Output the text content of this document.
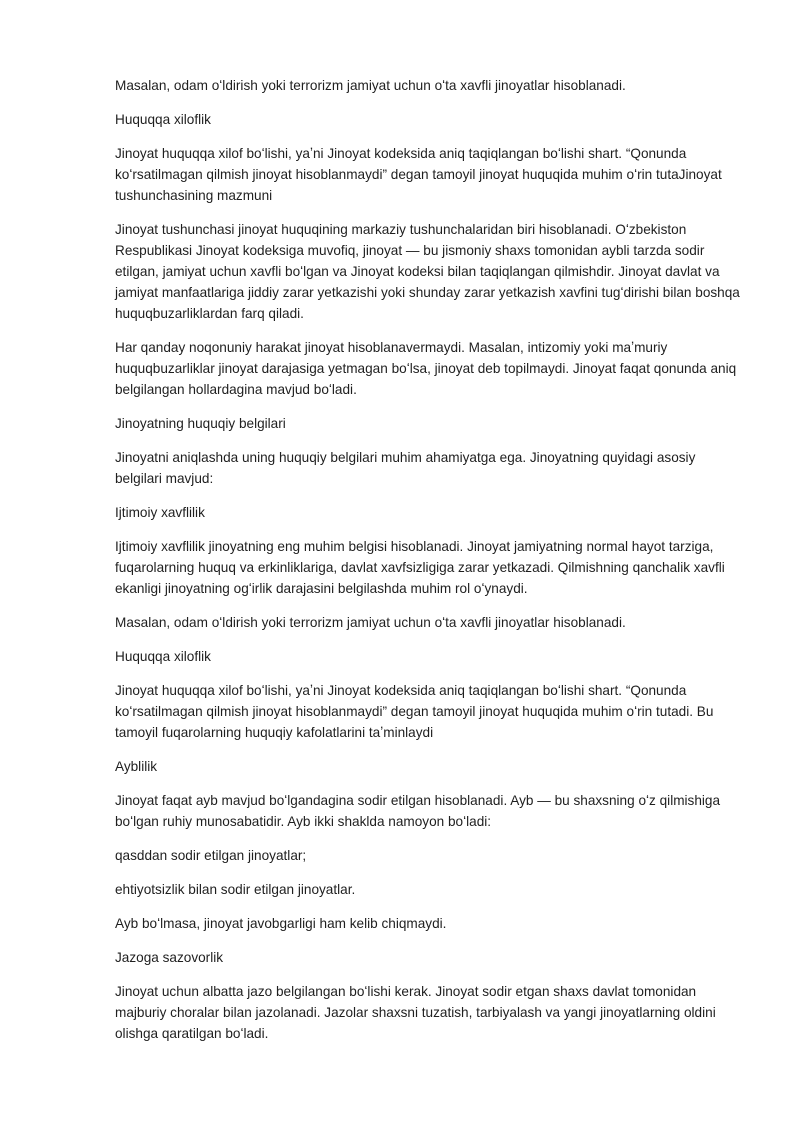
Masalan, odam oʻldirish yoki terrorizm jamiyat uchun oʻta xavfli jinoyatlar hisoblanadi.

Huquqqa xiloflik

Jinoyat huquqqa xilof boʻlishi, yaʼni Jinoyat kodeksida aniq taqiqlangan boʻlishi shart. “Qonunda koʻrsatilmagan qilmish jinoyat hisoblanmaydi” degan tamoyil jinoyat huquqida muhim oʻrin tutaJinoyat tushunchasining mazmuni

Jinoyat tushunchasi jinoyat huquqining markaziy tushunchalaridan biri hisoblanadi. Oʻzbekiston Respublikasi Jinoyat kodeksiga muvofiq, jinoyat — bu jismoniy shaxs tomonidan aybli tarzda sodir etilgan, jamiyat uchun xavfli boʻlgan va Jinoyat kodeksi bilan taqiqlangan qilmishdir. Jinoyat davlat va jamiyat manfaatlariga jiddiy zarar yetkazishi yoki shunday zarar yetkazish xavfini tugʻdirishi bilan boshqa huquqbuzarliklardan farq qiladi.

Har qanday noqonuniy harakat jinoyat hisoblanavermaydi. Masalan, intizomiy yoki maʼmuriy huquqbuzarliklar jinoyat darajasiga yetmagan boʻlsa, jinoyat deb topilmaydi. Jinoyat faqat qonunda aniq belgilangan hollardagina mavjud boʻladi.

Jinoyatning huquqiy belgilari

Jinoyatni aniqlashda uning huquqiy belgilari muhim ahamiyatga ega. Jinoyatning quyidagi asosiy belgilari mavjud:

Ijtimoiy xavflilik

Ijtimoiy xavflilik jinoyatning eng muhim belgisi hisoblanadi. Jinoyat jamiyatning normal hayot tarziga, fuqarolarning huquq va erkinliklariga, davlat xavfsizligiga zarar yetkazadi. Qilmishning qanchalik xavfli ekanligi jinoyatning ogʻirlik darajasini belgilashda muhim rol oʻynaydi.

Masalan, odam oʻldirish yoki terrorizm jamiyat uchun oʻta xavfli jinoyatlar hisoblanadi.

Huquqqa xiloflik

Jinoyat huquqqa xilof boʻlishi, yaʼni Jinoyat kodeksida aniq taqiqlangan boʻlishi shart. “Qonunda koʻrsatilmagan qilmish jinoyat hisoblanmaydi” degan tamoyil jinoyat huquqida muhim oʻrin tutadi. Bu tamoyil fuqarolarning huquqiy kafolatlarini taʼminlaydi

Ayblilik

Jinoyat faqat ayb mavjud boʻlgandagina sodir etilgan hisoblanadi. Ayb — bu shaxsning oʻz qilmishiga boʻlgan ruhiy munosabatidir. Ayb ikki shaklda namoyon boʻladi:

qasddan sodir etilgan jinoyatlar;

ehtiyotsizlik bilan sodir etilgan jinoyatlar.

Ayb boʻlmasa, jinoyat javobgarligi ham kelib chiqmaydi.

Jazoga sazovorlik

Jinoyat uchun albatta jazo belgilangan boʻlishi kerak. Jinoyat sodir etgan shaxs davlat tomonidan majburiy choralar bilan jazolanadi. Jazolar shaxsni tuzatish, tarbiyalash va yangi jinoyatlarning oldini olishga qaratilgan boʻladi.
